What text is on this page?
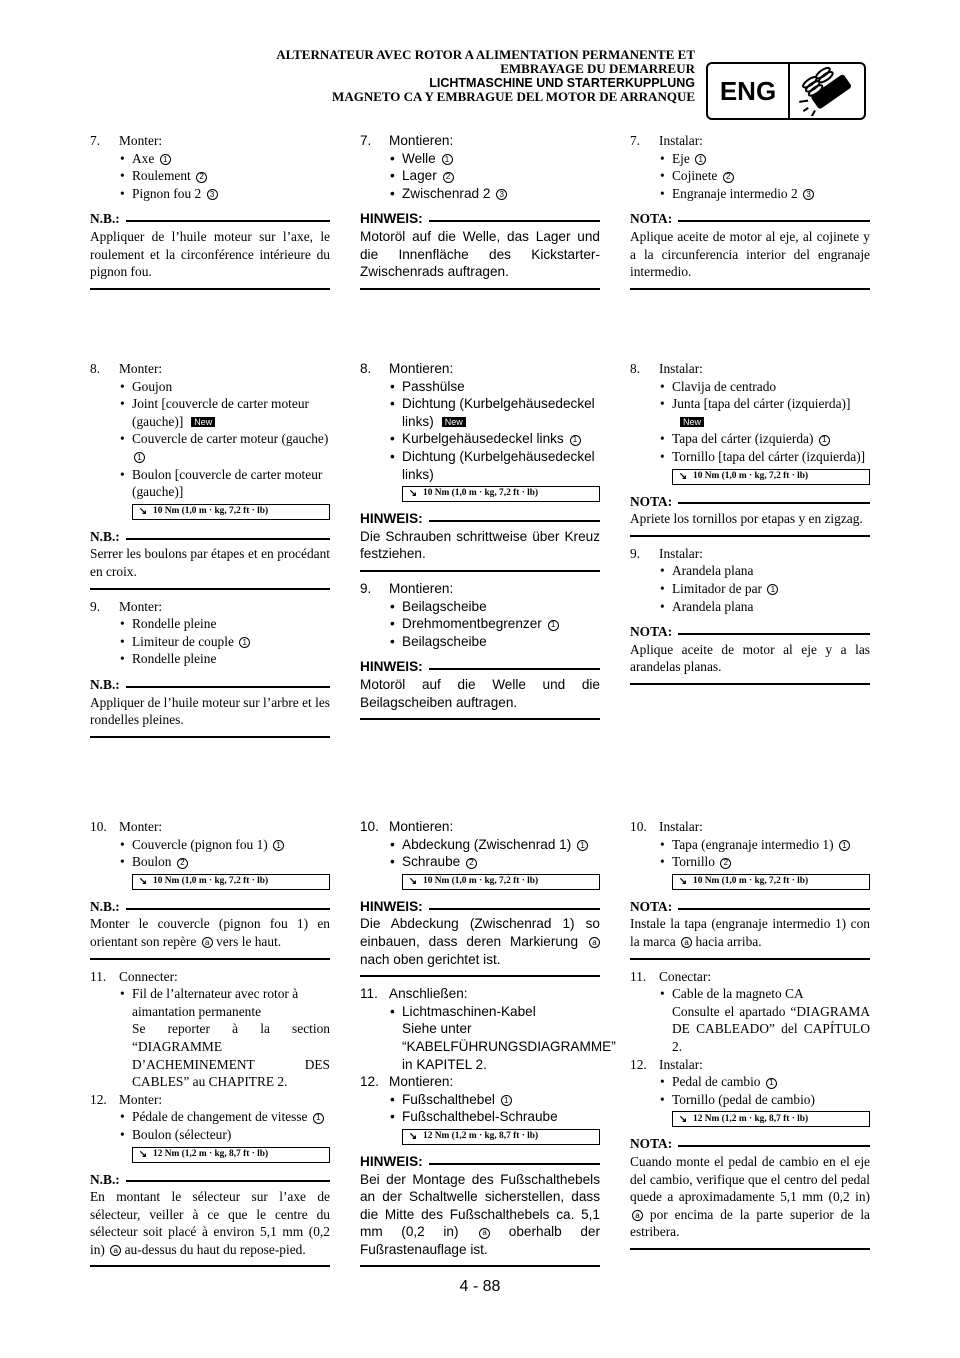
ALTERNATEUR AVEC ROTOR A ALIMENTATION PERMANENTE ET
EMBRAYAGE DU DEMARREUR
LICHTMASCHINE UND STARTERKUPPLUNG
MAGNETO CA Y EMBRAGUE DEL MOTOR DE ARRANQUE ENG
7.	Monter:
• Axe 1
• Roulement 2
• Pignon fou 2 3
N.B.:
Appliquer de l’huile moteur sur l’axe, le roulement et la circonférence intérieure du pignon fou.
8.	Monter:
• Goujon
• Joint [couvercle de carter moteur (gauche)] New
• Couvercle de carter moteur (gauche) 1
• Boulon [couvercle de carter moteur (gauche)]
↘ 10 Nm (1,0 m · kg, 7,2 ft · lb)
N.B.:
Serrer les boulons par étapes et en procédant en croix.
9.	Monter:
• Rondelle pleine
• Limiteur de couple 1
• Rondelle pleine
N.B.:
Appliquer de l’huile moteur sur l’arbre et les rondelles pleines.
10. Monter:
• Couvercle (pignon fou 1) 1
• Boulon 2
↘ 10 Nm (1,0 m · kg, 7,2 ft · lb)
N.B.:
Monter le couvercle (pignon fou 1) en orientant son repère a vers le haut.
11. Connecter:
• Fil de l’alternateur avec rotor à aimantation permanente

Se reporter à la section “DIAGRAMME D’ACHEMINEMENT DES CABLES” au CHAPITRE 2.
12. Monter:
• Pédale de changement de vitesse 1
• Boulon (sélecteur)
↘ 12 Nm (1,2 m · kg, 8,7 ft · lb)
N.B.:
En montant le sélecteur sur l’axe de sélecteur, veiller à ce que le centre du sélecteur soit placé à environ 5,1 mm (0,2 in) a au-dessus du haut du repose-pied.
7.	Montieren:
• Welle 1
• Lager 2
• Zwischenrad 2 3
HINWEIS:
Motoröl auf die Welle, das Lager und die Innenfläche des Kickstarter-Zwischenrads auftragen.
8.	Montieren:
• Passhülse
• Dichtung (Kurbelgehäusedeckel links) New
• Kurbelgehäusedeckel links 1
• Dichtung (Kurbelgehäusedeckel links)
↘ 10 Nm (1,0 m · kg, 7,2 ft · lb)
HINWEIS:
Die Schrauben schrittweise über Kreuz festziehen.
9.	Montieren:
• Beilagscheibe
• Drehmomentbegrenzer 1
• Beilagscheibe
HINWEIS:
Motoröl auf die Welle und die Beilagscheiben auftragen.
10. Montieren:
• Abdeckung (Zwischenrad 1) 1
• Schraube 2
↘ 10 Nm (1,0 m · kg, 7,2 ft · lb)
HINWEIS:
Die Abdeckung (Zwischenrad 1) so einbauen, dass deren Markierung a nach oben gerichtet ist.
11. Anschließen:
• Lichtmaschinen-Kabel
Siehe unter “KABELFÜHRUNGSDIAGRAMME” in KAPITEL 2.
12. Montieren:
• Fußschalthebel 1
• Fußschalthebel-Schraube
↘ 12 Nm (1,2 m · kg, 8,7 ft · lb)
HINWEIS:
Bei der Montage des Fußschalthebels an der Schaltwelle sicherstellen, dass die Mitte des Fußschalthebels ca. 5,1 mm (0,2 in)	a oberhalb der Fußrastenauflage ist.
7.	Instalar:
• Eje 1
• Cojinete 2
• Engranaje intermedio 2 3
NOTA:
Aplique aceite de motor al eje, al cojinete y a la circunferencia interior del engranaje intermedio.
8.	Instalar:
• Clavija de centrado
• Junta [tapa del cárter (izquierda)]New
• Tapa del cárter (izquierda) 1
• Tornillo [tapa del cárter (izquierda)]
↘ 10 Nm (1,0 m · kg, 7,2 ft · lb)
NOTA:
Apriete los tornillos por etapas y en zigzag.
9.	Instalar:
• Arandela plana
• Limitador de par 1
• Arandela plana
NOTA:
Aplique aceite de motor al eje y a las arandelas planas.
10. Instalar:
• Tapa (engranaje intermedio 1) 1
• Tornillo 2
↘ 10 Nm (1,0 m · kg, 7,2 ft · lb)
NOTA:
Instale la tapa (engranaje intermedio 1) con la marca a hacia arriba.
11. Conectar:
• Cable de la magneto CA

Consulte el apartado “DIAGRAMA DE CABLEADO” del CAPÍTULO 2.
12. Instalar:
• Pedal de cambio 1
• Tornillo (pedal de cambio)
↘ 12 Nm (1,2 m · kg, 8,7 ft · lb)
NOTA:
Cuando monte el pedal de cambio en el eje del cambio, verifique que el centro del pedal quede a aproximadamente 5,1 mm (0,2 in) a por encima de la parte superior de la estribera.
4 - 88
